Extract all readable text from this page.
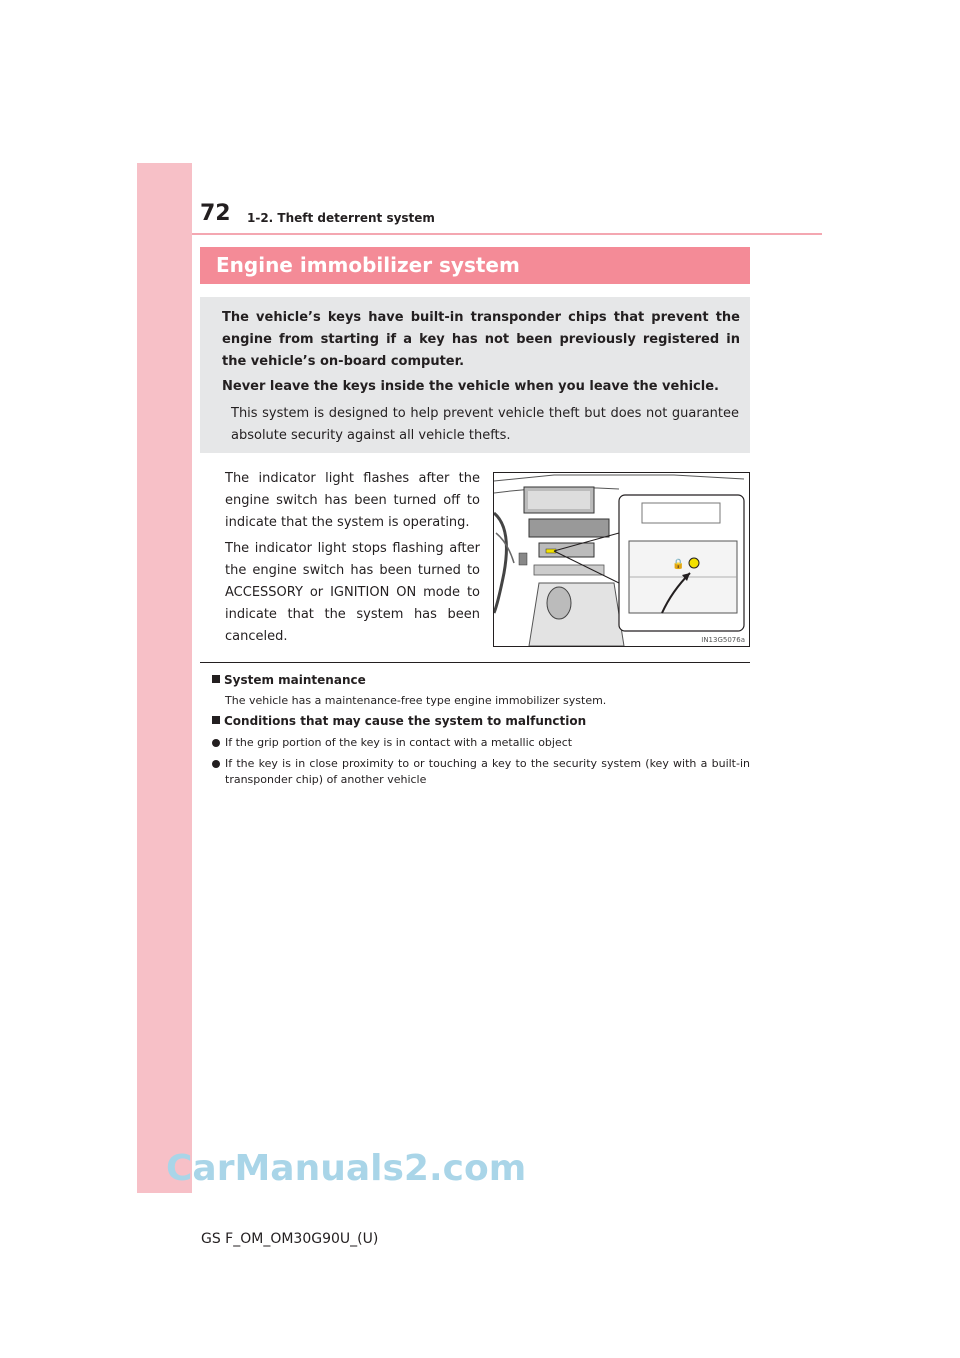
72 1-2. Theft deterrent system
Engine immobilizer system
The vehicle’s keys have built-in transponder chips that prevent the engine from starting if a key has not been previously registered in the vehicle’s on-board computer.
Never leave the keys inside the vehicle when you leave the vehicle.
This system is designed to help prevent vehicle theft but does not guarantee absolute security against all vehicle thefts.
The indicator light flashes after the engine switch has been turned off to indicate that the system is operating.
The indicator light stops flashing after the engine switch has been turned to ACCESSORY or IGNITION ON mode to indicate that the system has been canceled.
🔒
IN13G5076a
System maintenance
The vehicle has a maintenance-free type engine immobilizer system.
Conditions that may cause the system to malfunction
If the grip portion of the key is in contact with a metallic object
If the key is in close proximity to or touching a key to the security system (key with a built-in transponder chip) of another vehicle
CarManuals2.com
GS F_OM_OM30G90U_(U)
